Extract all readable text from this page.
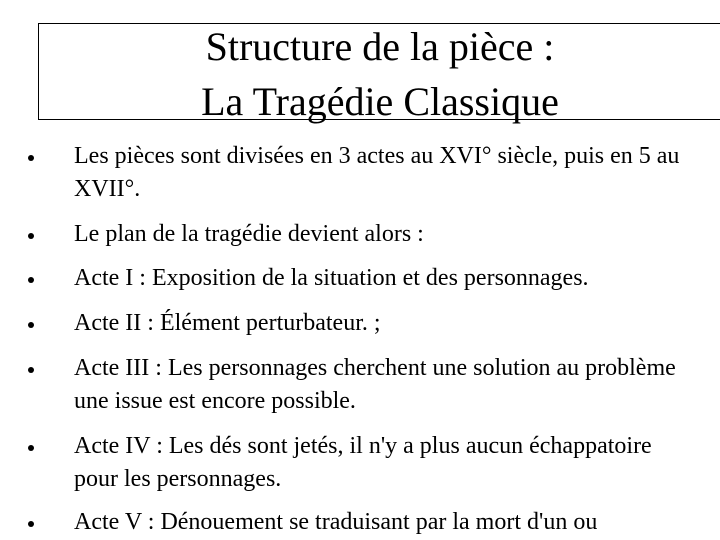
Structure de la pièce :
La Tragédie Classique
Les pièces sont divisées en 3 actes au XVI° siècle, puis en 5 au
XVII°.
Le plan de la tragédie devient alors :
Acte I : Exposition de la situation et des personnages.
Acte II : Élément perturbateur. ;
Acte III : Les personnages cherchent une solution au problème
une issue est encore possible.
Acte IV : Les dés sont jetés, il n'y a plus aucun échappatoire
pour les personnages.
Acte V : Dénouement se traduisant par la mort d'un ou
